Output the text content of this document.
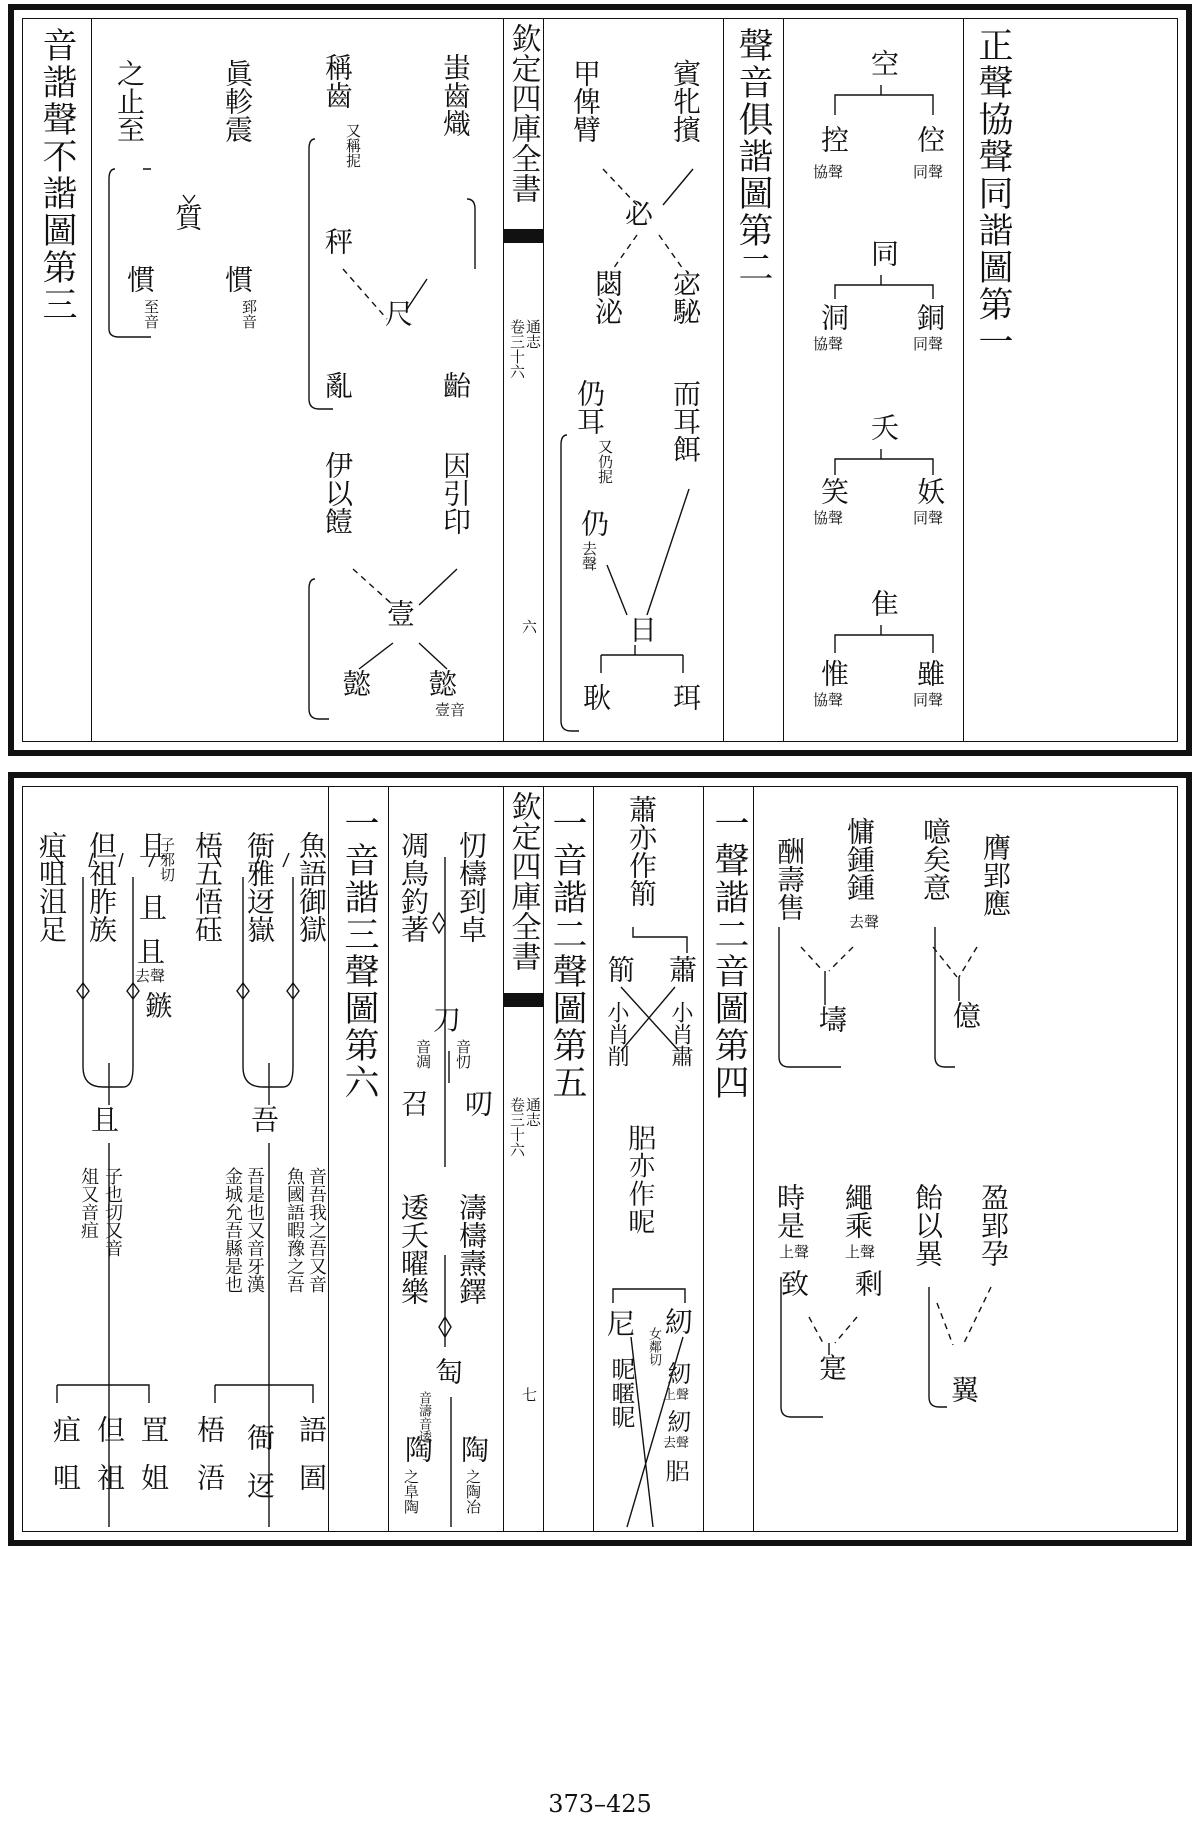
欽定四庫全書
通志
卷三十六
六
音諧聲不諧圖第三	聲音俱諧圖第二	正聲協聲同諧圖第一
之止至	眞軫震
質
慣
至音
慣
郅音
稱齒
又稱抳
蚩齒熾
秤
尺
亂	齝
伊以饐	因引印
壹
懿 懿
壹音
甲俾臂 賓牝擯
必
閟泌 宓駜
仍耳
又仍抳 而耳餌
仍
去聲
日
耿 珥
空
控
協聲
倥
同聲
同
洞
協聲
銅
同聲
夭
笑
協聲
妖
同聲
隹
惟
協聲
雖
同聲
欽定四庫全書
通志
卷三十六
七
一音諧三聲圖第六	一音諧二聲圖第五	一聲諧二音圖第四
疽咀沮足 但祖胙族 且
子邪切
且
且
去聲
鏃
且
子也切又音
俎又音疽
疽
咀
但
祖
罝
姐
梧五悟砡 衙雅迓嶽 魚語御獄
吾
音吾我之吾又音
魚國語暇豫之吾
吾是也又音牙漢
金城允吾縣是也
梧
浯
衙
迓
語
圄
凋鳥釣著 忉檮到卓
刀
音忉
音凋
召 叨
逶夭曜樂 濤檮燾鐸
匋
音濤音逶
陶
之阜陶
陶
之陶冶
蕭亦作箾
箾
小肖削
蕭
小肖肅
𦛗亦作昵
尼
昵暱昵
紉
女鄰切
紉
上聲
紉
去聲
𦛗
酬壽售 慵鍾鍾
去聲
噫矣意 膺郢應
壔	億
時是
上聲
繩乘
上聲 飴以異 盈郢孕
致 剩
寔
翼
373–425
